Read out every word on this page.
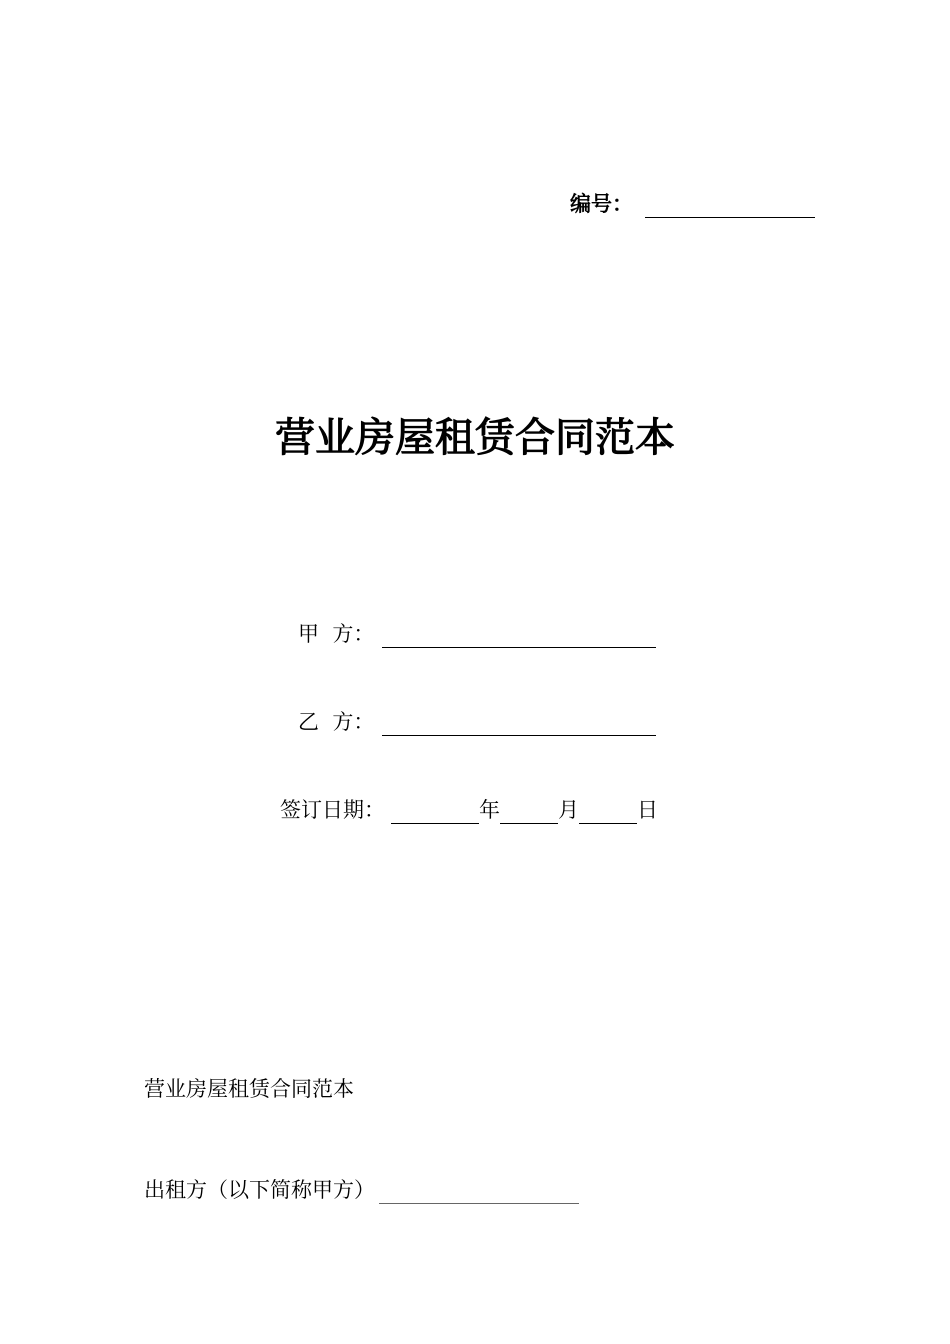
编号：
营业房屋租赁合同范本
甲  方：
乙  方：
签订日期：	年	月	日
营业房屋租赁合同范本
出租方（以下简称甲方）
